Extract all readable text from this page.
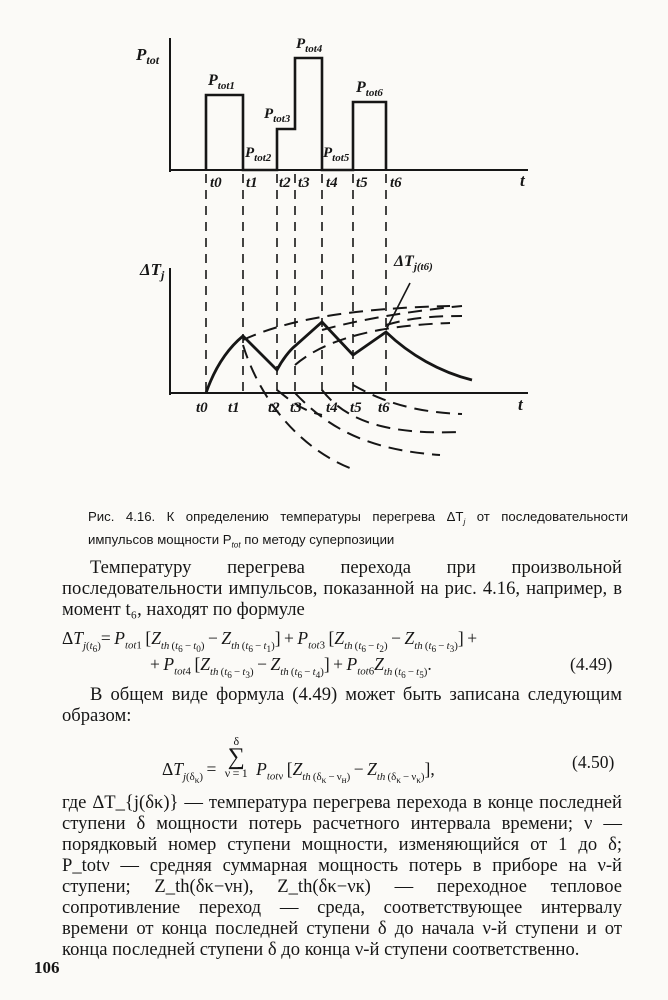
$P_{tot}$
t
$P_{tot1}$
$P_{tot2}$
$P_{tot3}$
$P_{tot4}$
$P_{tot5}$
$P_{tot6}$
t0 t1 t2 t3 t4 t5 t6
$\Delta T_j$
t
$\Delta T_{j(t6)}$
t0 t1 t2 t3 t4 t5 t6
Рис. 4.16. К определению температуры перегрева $\Delta T_j$ от последовательности импульсов мощности $P_{tot}$ по методу суперпозиции
Температуру перегрева перехода при произвольной последовательности импульсов, показанной на рис. 4.16, например, в момент t₆, находят по формуле
$\Delta T_{j(t_6)}= P_{tot1}$ $[Z_{th (t_6 - t_0)} - Z_{th (t_6 - t_1)}] + P_{tot3}$ $[Z_{th (t_6 - t_2)} - Z_{th (t_6 - t_3)}]$ +
+ $P_{tot4}$ $[Z_{th (t_6 - t_3)} - Z_{th (t_6 - t_4)}] + P_{tot6}Z_{th (t_6 - t_5)}$.	(4.49)
В общем виде формула (4.49) может быть записана следующим образом:
$\Delta T_{j(\delta_\kappa)}$ =
δ
∑
ν = 1 $P_{tot\nu}$ $[Z_{th (\delta_\kappa - \nu_н)} - Z_{th (\delta_\kappa - \nu_\kappa)}]$,	(4.50)
где ΔT_{j(δκ)} — температура перегрева перехода в конце последней ступени δ мощности потерь расчетного интервала времени; ν — порядковый номер ступени мощности, изменяющийся от 1 до δ; P_totν — средняя суммарная мощность потерь в приборе на ν-й ступени; Z_th(δκ−νн), Z_th(δκ−νк) — переходное тепловое сопротивление переход — среда, соответствующее интервалу времени от конца последней ступени δ до начала ν-й ступени и от конца последней ступени δ до конца ν-й ступени соответственно.
106
